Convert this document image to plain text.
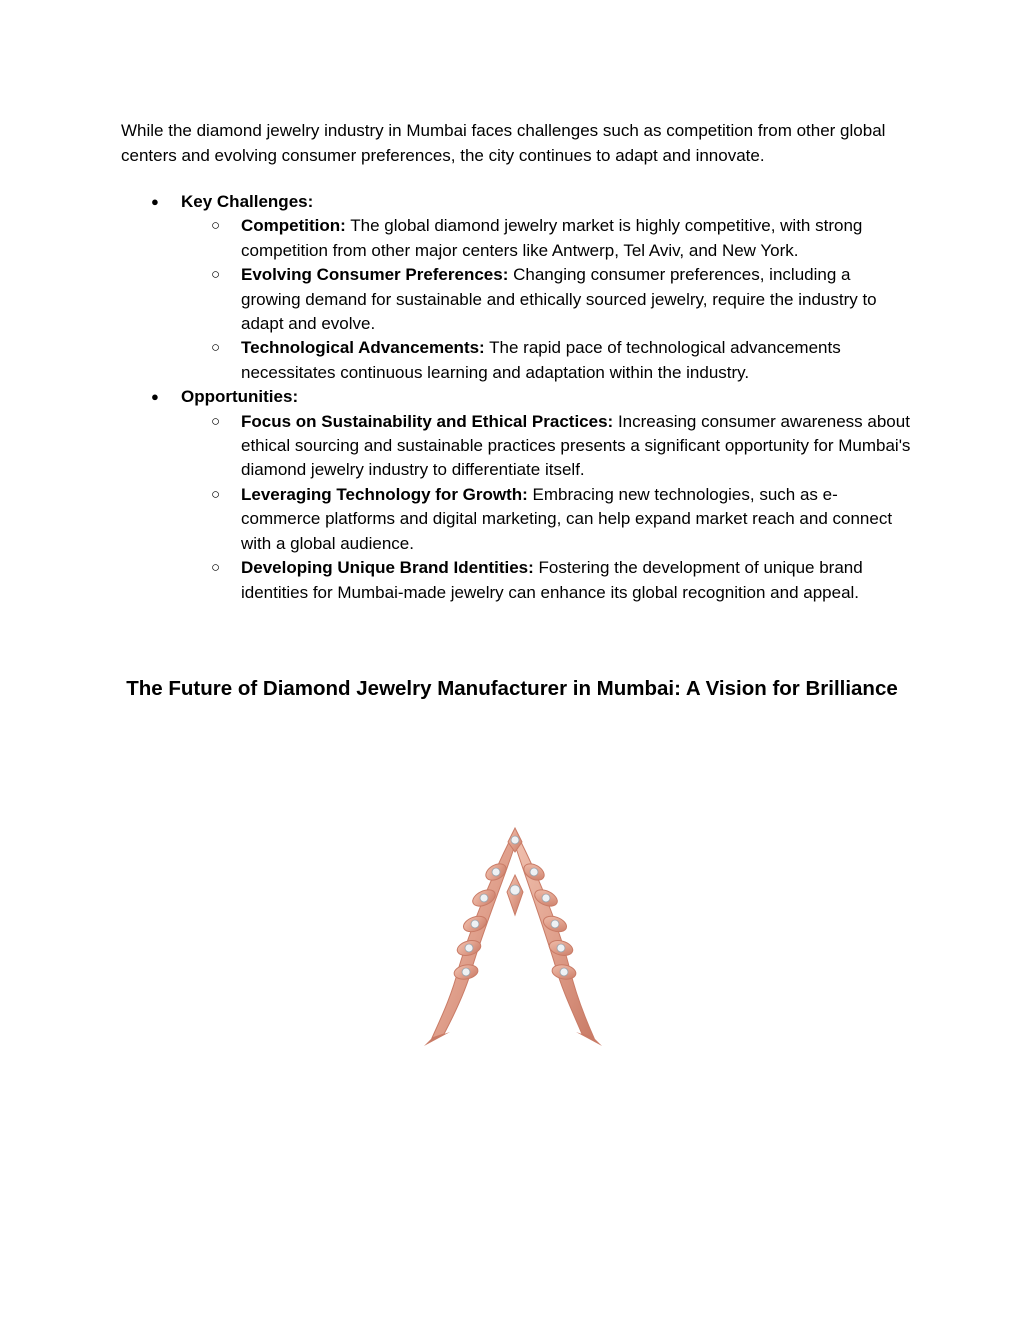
While the diamond jewelry industry in Mumbai faces challenges such as competition from other global centers and evolving consumer preferences, the city continues to adapt and innovate.

● Key Challenges:
○ Competition: The global diamond jewelry market is highly competitive, with strong competition from other major centers like Antwerp, Tel Aviv, and New York.
○ Evolving Consumer Preferences: Changing consumer preferences, including a growing demand for sustainable and ethically sourced jewelry, require the industry to adapt and evolve.
○ Technological Advancements: The rapid pace of technological advancements necessitates continuous learning and adaptation within the industry.
● Opportunities:
○ Focus on Sustainability and Ethical Practices: Increasing consumer awareness about ethical sourcing and sustainable practices presents a significant opportunity for Mumbai's diamond jewelry industry to differentiate itself.
○ Leveraging Technology for Growth: Embracing new technologies, such as e-commerce platforms and digital marketing, can help expand market reach and connect with a global audience.
○ Developing Unique Brand Identities: Fostering the development of unique brand identities for Mumbai-made jewelry can enhance its global recognition and appeal.
The Future of Diamond Jewelry Manufacturer in Mumbai: A Vision for Brilliance
